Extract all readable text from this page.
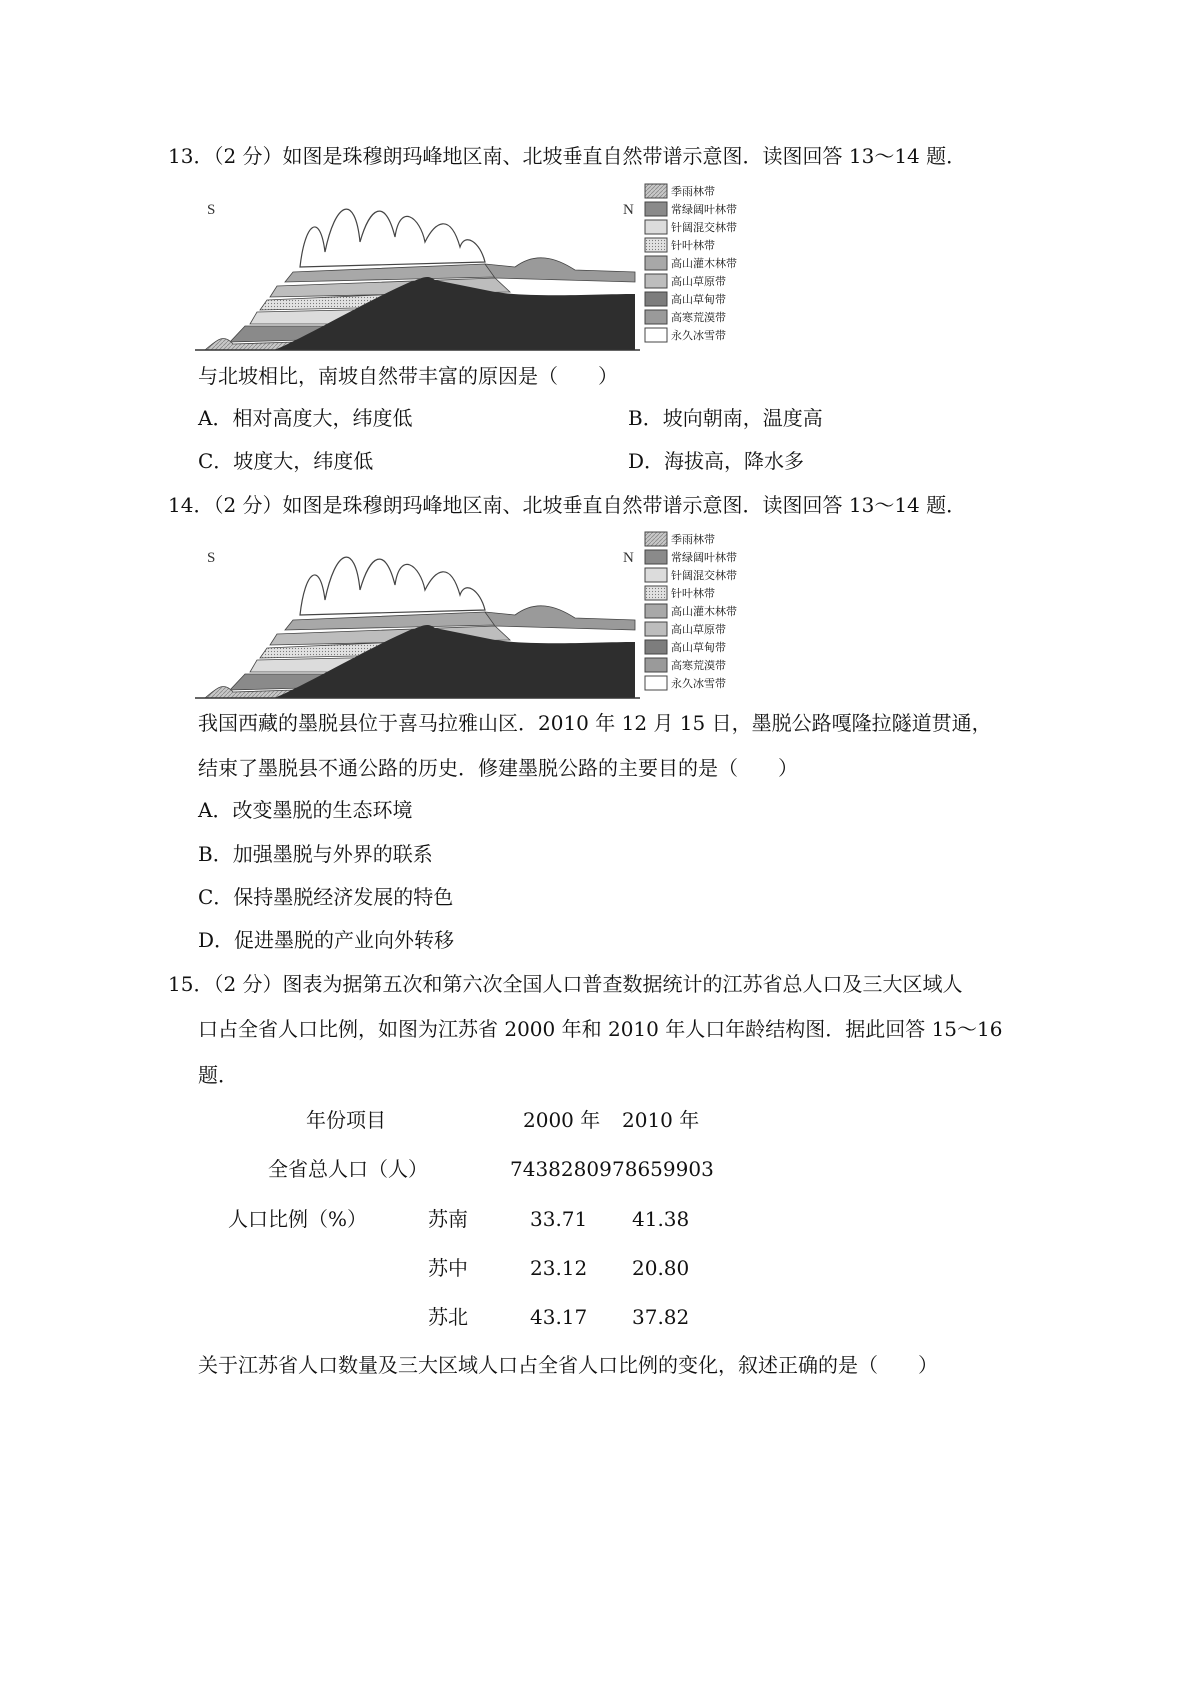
13．（2 分）如图是珠穆朗玛峰地区南、北坡垂直自然带谱示意图．读图回答 13～14 题．
S	N
季雨林带
常绿阔叶林带
针阔混交林带
针叶林带
高山灌木林带
高山草原带
高山草甸带
高寒荒漠带
永久冰雪带
与北坡相比，南坡自然带丰富的原因是（　　）
A．相对高度大，纬度低	B．坡向朝南，温度高
C．坡度大，纬度低	D．海拔高，降水多
14．（2 分）如图是珠穆朗玛峰地区南、北坡垂直自然带谱示意图．读图回答 13～14 题．
S	N
季雨林带
常绿阔叶林带
针阔混交林带
针叶林带
高山灌木林带
高山草原带
高山草甸带
高寒荒漠带
永久冰雪带
我国西藏的墨脱县位于喜马拉雅山区．2010 年 12 月 15 日，墨脱公路嘎隆拉隧道贯通，
结束了墨脱县不通公路的历史．修建墨脱公路的主要目的是（　　）
A．改变墨脱的生态环境
B．加强墨脱与外界的联系
C．保持墨脱经济发展的特色
D．促进墨脱的产业向外转移
15．（2 分）图表为据第五次和第六次全国人口普查数据统计的江苏省总人口及三大区域人
口占全省人口比例，如图为江苏省 2000 年和 2010 年人口年龄结构图．据此回答 15～16
题．
年份项目	2000 年 2010 年
全省总人口（人）	74382809 78659903
人口比例（%）	苏南	33.71 41.38
苏中	23.12 20.80
苏北	43.17 37.82
关于江苏省人口数量及三大区域人口占全省人口比例的变化，叙述正确的是（　　）
